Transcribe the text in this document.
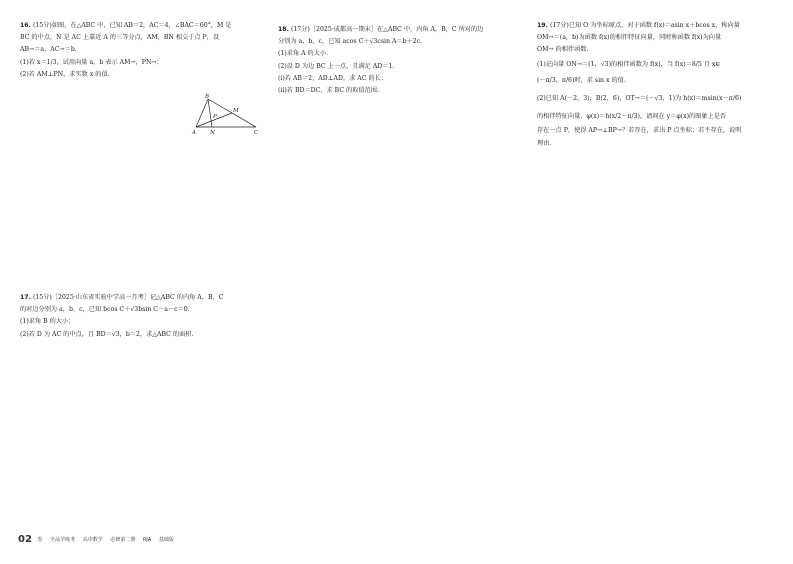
16. (15分)如图，在△ABC 中，已知 AB＝2，AC＝4，∠BAC＝60°，M 是

BC 的中点，N 是 AC 上靠近 A 的三等分点，AM，BN 相交于点 P，设

AB→＝a，AC→＝b.

(1)若 x＝1/3，试用向量 a，b 表示 AM→，PN→；

(2)若 AM⊥PN，求实数 x 的值.

A
B
C
N
M
P

17. (15分)［2025·山东省实验中学高一月考］记△ABC 的内角 A，B，C

的对边分别为 a，b，c，已知 bcos C＋√3bsin C－a－c＝0.

(1)求角 B 的大小；

(2)若 D 为 AC 的中点，且 BD＝√3，b＝2，求△ABC 的面积.

18. (17分)［2025·成都高一期末］在△ABC 中，内角 A，B，C 所对的边

分别为 a，b，c，已知 acos C＋√3csin A＝b＋2c.

(1)求角 A 的大小.

(2)设 D 为边 BC 上一点，且满足 AD＝1.

(i)若 AB＝2，AD⊥AD，求 AC 的长；

(ii)若 BD＝DC，求 BC 的取值范围.

19. (17分)已知 O 为坐标原点，对于函数 f(x)＝asin x＋bcos x，称向量

OM→＝(a，b)为函数 f(x)的相伴特征向量，同时称函数 f(x)为向量

OM→ 的相伴函数.

(1)记向量 ON→＝(1，√3)的相伴函数为 f(x)，当 f(x)＝8/5 且 x∈

(－π/3，π/6)时，求 sin x 的值.

(2)已知 A(－2，3)，B(2，6)，OT→＝(－√3，1)为 h(x)＝msin(x－π/6)

的相伴特征向量，φ(x)＝h(x/2－π/3)，请问在 y＝φ(x)的图象上是否

存在一点 P，使得 AP→⊥BP→？若存在，求出 P 点坐标；若不存在，说明

理由.

02 卷 全品学练考 高中数学 必修第二册 RJA 基础版
